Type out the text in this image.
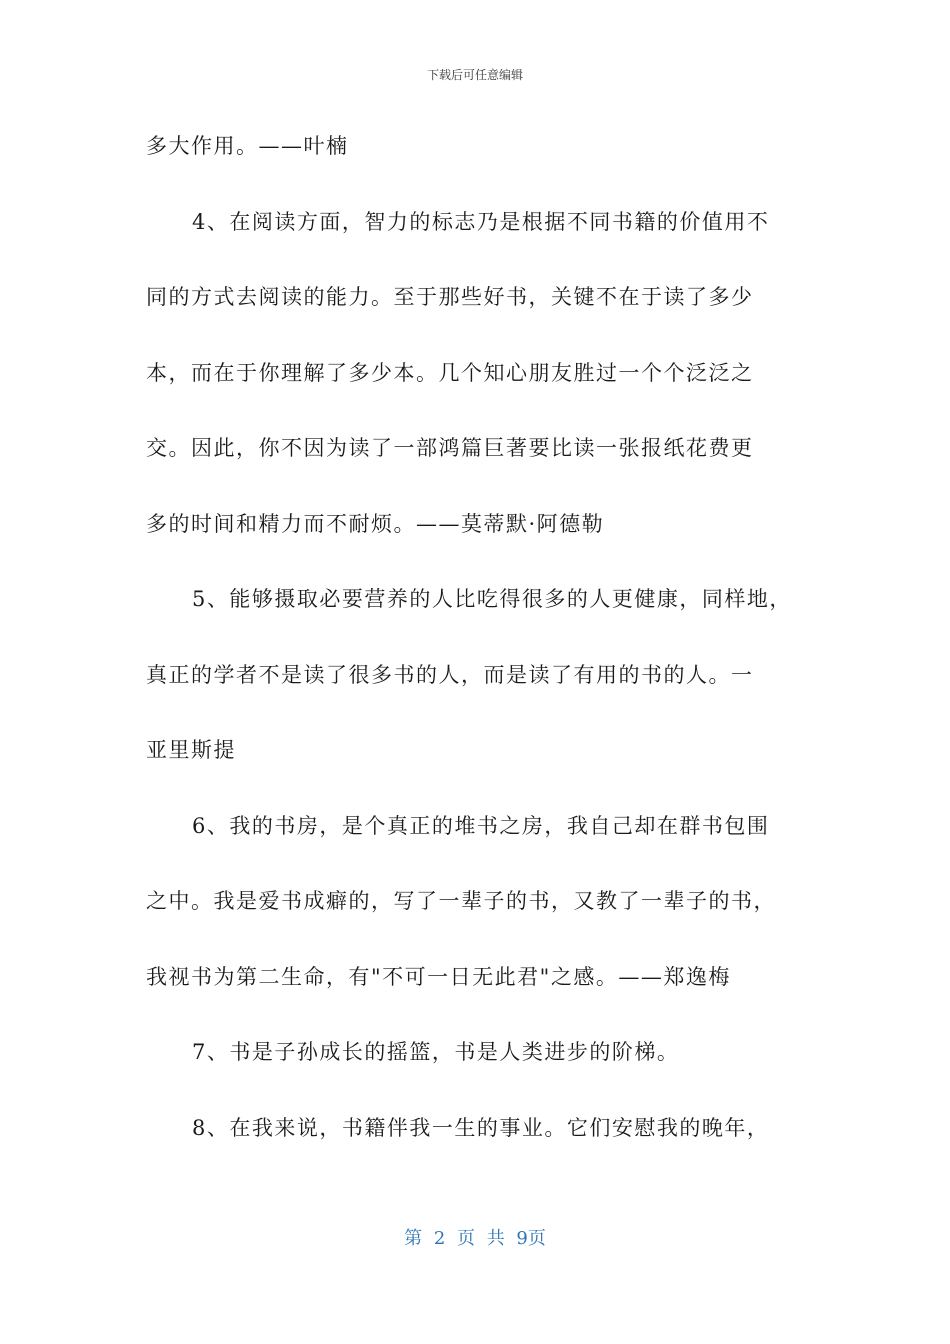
下载后可任意编辑
多大作用。——叶楠
4、在阅读方面，智力的标志乃是根据不同书籍的价值用不
同的方式去阅读的能力。至于那些好书，关键不在于读了多少
本，而在于你理解了多少本。几个知心朋友胜过一个个泛泛之
交。因此，你不因为读了一部鸿篇巨著要比读一张报纸花费更
多的时间和精力而不耐烦。——莫蒂默·阿德勒
5、能够摄取必要营养的人比吃得很多的人更健康，同样地，
真正的学者不是读了很多书的人，而是读了有用的书的人。一
亚里斯提
6、我的书房，是个真正的堆书之房，我自己却在群书包围
之中。我是爱书成癖的，写了一辈子的书，又教了一辈子的书，
我视书为第二生命，有"不可一日无此君"之感。——郑逸梅
7、书是子孙成长的摇篮，书是人类进步的阶梯。
8、在我来说，书籍伴我一生的事业。它们安慰我的晚年，
第 2 页 共 9页
